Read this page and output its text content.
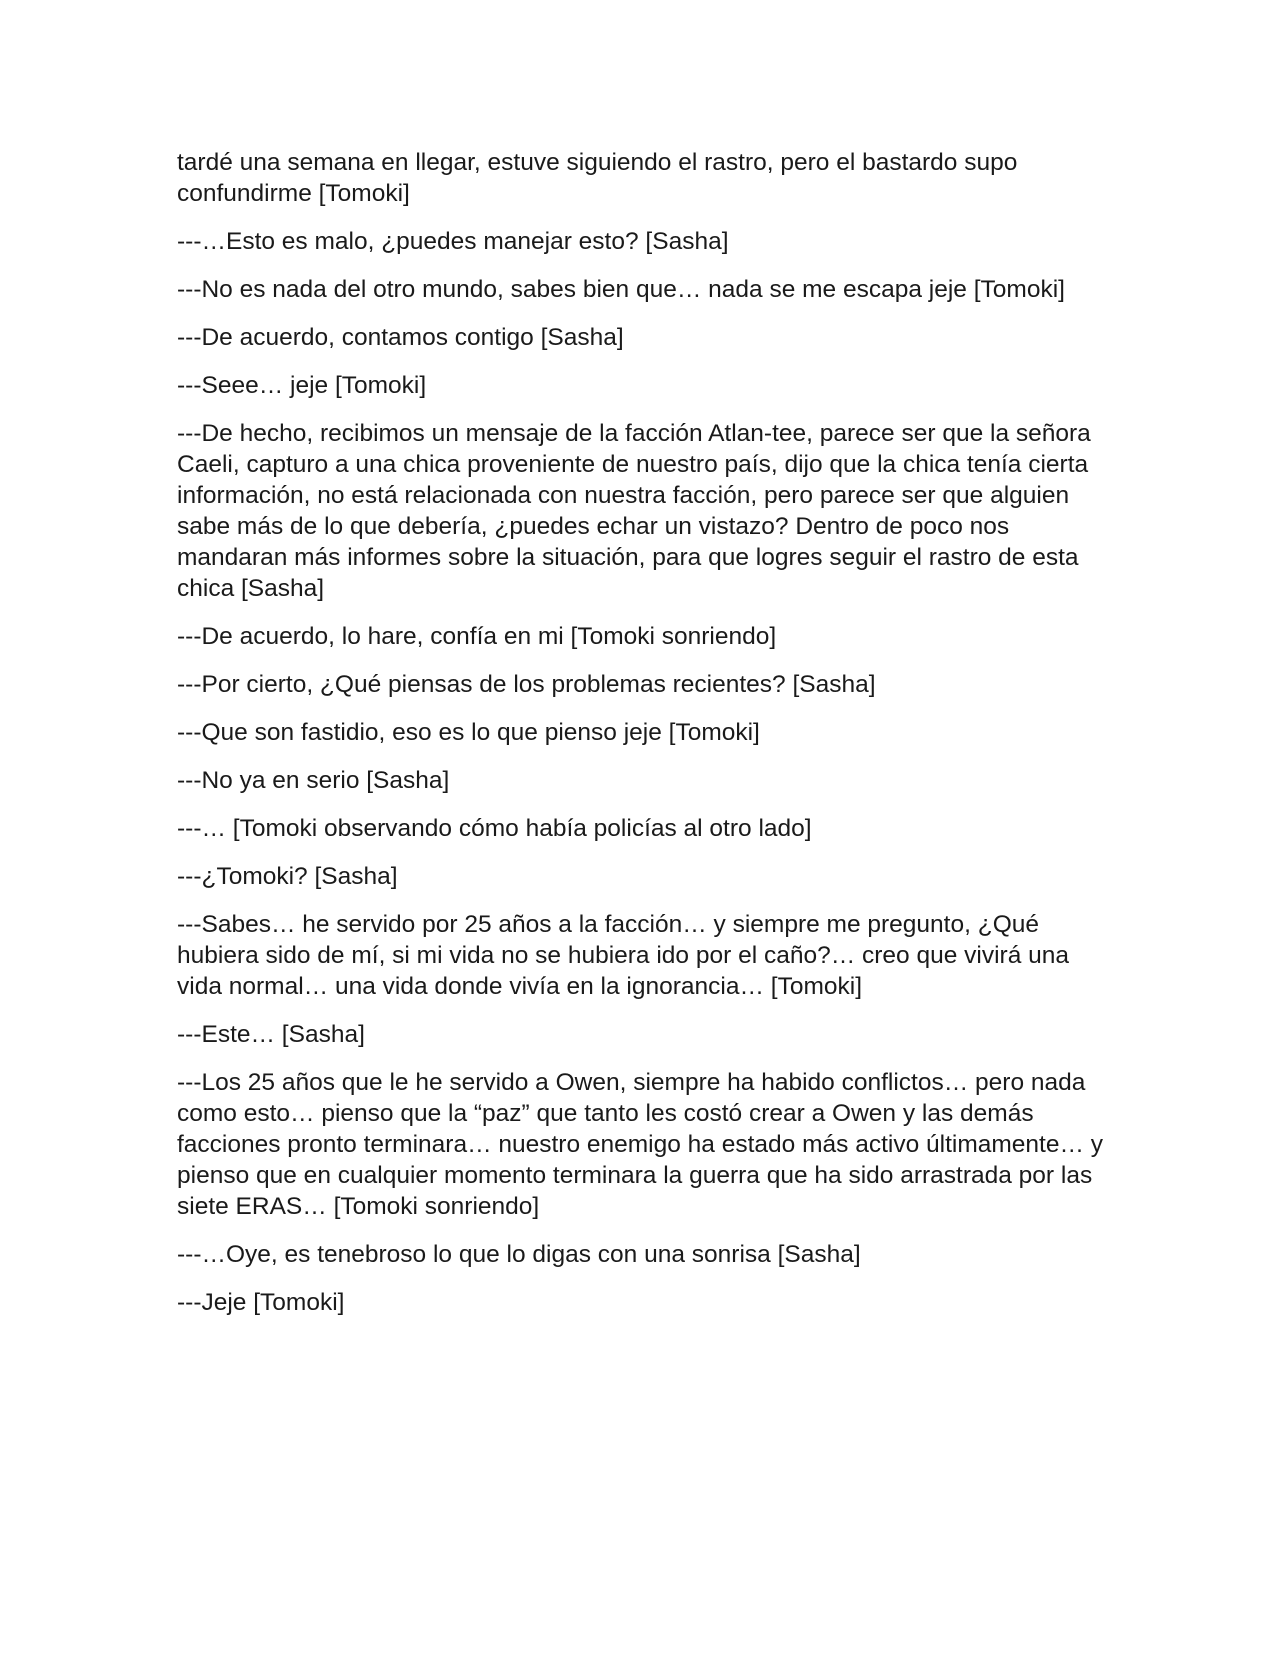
tardé una semana en llegar, estuve siguiendo el rastro, pero el bastardo supo confundirme [Tomoki]

---…Esto es malo, ¿puedes manejar esto? [Sasha]

---No es nada del otro mundo, sabes bien que… nada se me escapa jeje [Tomoki]

---De acuerdo, contamos contigo [Sasha]

---Seee… jeje [Tomoki]

---De hecho, recibimos un mensaje de la facción Atlan-tee, parece ser que la señora Caeli, capturo a una chica proveniente de nuestro país, dijo que la chica tenía cierta información, no está relacionada con nuestra facción, pero parece ser que alguien sabe más de lo que debería, ¿puedes echar un vistazo? Dentro de poco nos mandaran más informes sobre la situación, para que logres seguir el rastro de esta chica [Sasha]

---De acuerdo, lo hare, confía en mi [Tomoki sonriendo]

---Por cierto, ¿Qué piensas de los problemas recientes? [Sasha]

---Que son fastidio, eso es lo que pienso jeje [Tomoki]

---No ya en serio [Sasha]

---… [Tomoki observando cómo había policías al otro lado]

---¿Tomoki? [Sasha]

---Sabes… he servido por 25 años a la facción… y siempre me pregunto, ¿Qué hubiera sido de mí, si mi vida no se hubiera ido por el caño?… creo que vivirá una vida normal… una vida donde vivía en la ignorancia… [Tomoki]

---Este… [Sasha]

---Los 25 años que le he servido a Owen, siempre ha habido conflictos… pero nada como esto… pienso que la “paz” que tanto les costó crear a Owen y las demás facciones pronto terminara… nuestro enemigo ha estado más activo últimamente… y pienso que en cualquier momento terminara la guerra que ha sido arrastrada por las siete ERAS… [Tomoki sonriendo]

---…Oye, es tenebroso lo que lo digas con una sonrisa [Sasha]

---Jeje [Tomoki]
